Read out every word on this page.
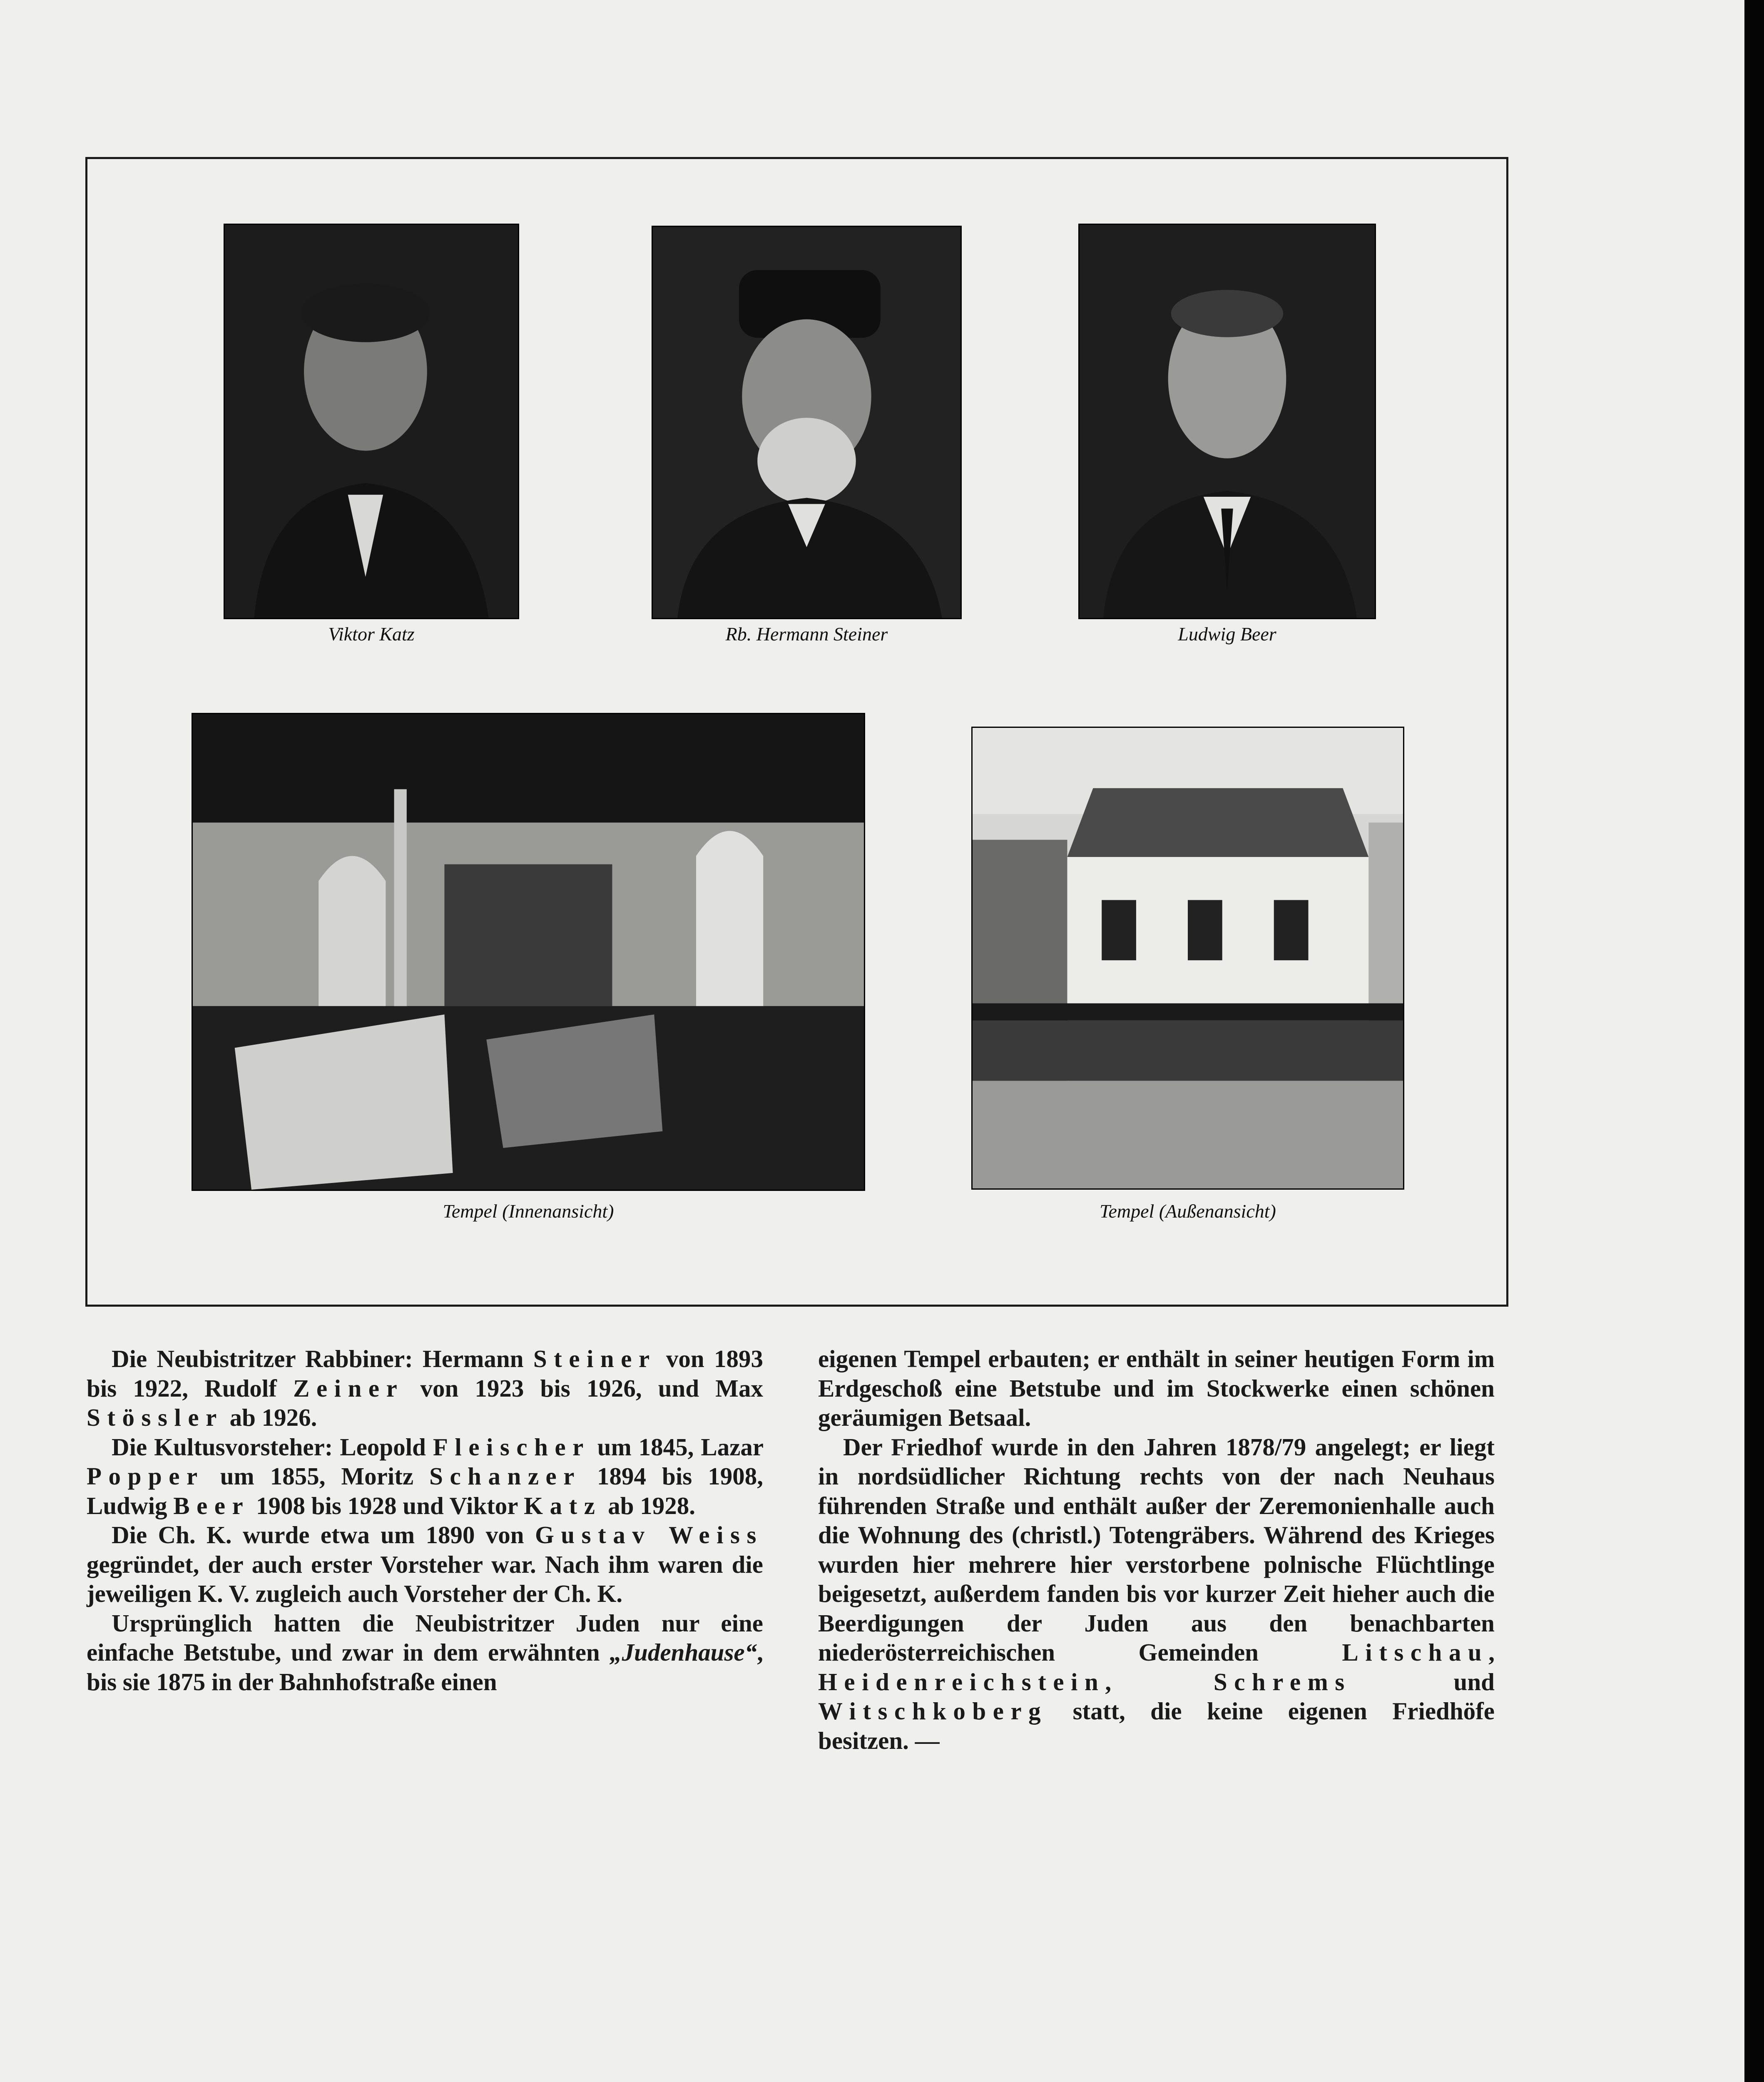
Viktor Katz	Rb. Hermann Steiner	Ludwig Beer
Tempel (Innenansicht)	Tempel (Außenansicht)

Die Neubistritzer Rabbiner: Hermann Steiner von 1893 bis 1922, Rudolf Zeiner von 1923 bis 1926, und Max Stössler ab 1926.

Die Kultusvorsteher: Leopold Fleischer um 1845, Lazar Popper um 1855, Moritz Schanzer 1894 bis 1908, Ludwig Beer 1908 bis 1928 und Viktor Katz ab 1928.

Die Ch. K. wurde etwa um 1890 von Gustav Weiss gegründet, der auch erster Vorsteher war. Nach ihm waren die jeweiligen K. V. zugleich auch Vorsteher der Ch. K.

Ursprünglich hatten die Neubistritzer Juden nur eine einfache Betstube, und zwar in dem erwähnten „Judenhause“, bis sie 1875 in der Bahnhofstraße einen

eigenen Tempel erbauten; er enthält in seiner heutigen Form im Erdgeschoß eine Betstube und im Stockwerke einen schönen geräumigen Betsaal.

Der Friedhof wurde in den Jahren 1878/79 angelegt; er liegt in nordsüdlicher Richtung rechts von der nach Neuhaus führenden Straße und enthält außer der Zeremonienhalle auch die Wohnung des (christl.) Totengräbers. Während des Krieges wurden hier mehrere hier verstorbene polnische Flüchtlinge beigesetzt, außerdem fanden bis vor kurzer Zeit hieher auch die Beerdigungen der Juden aus den benachbarten niederösterreichischen Gemeinden Litschau, Heidenreichstein, Schrems und Witschkoberg statt, die keine eigenen Friedhöfe besitzen. —
